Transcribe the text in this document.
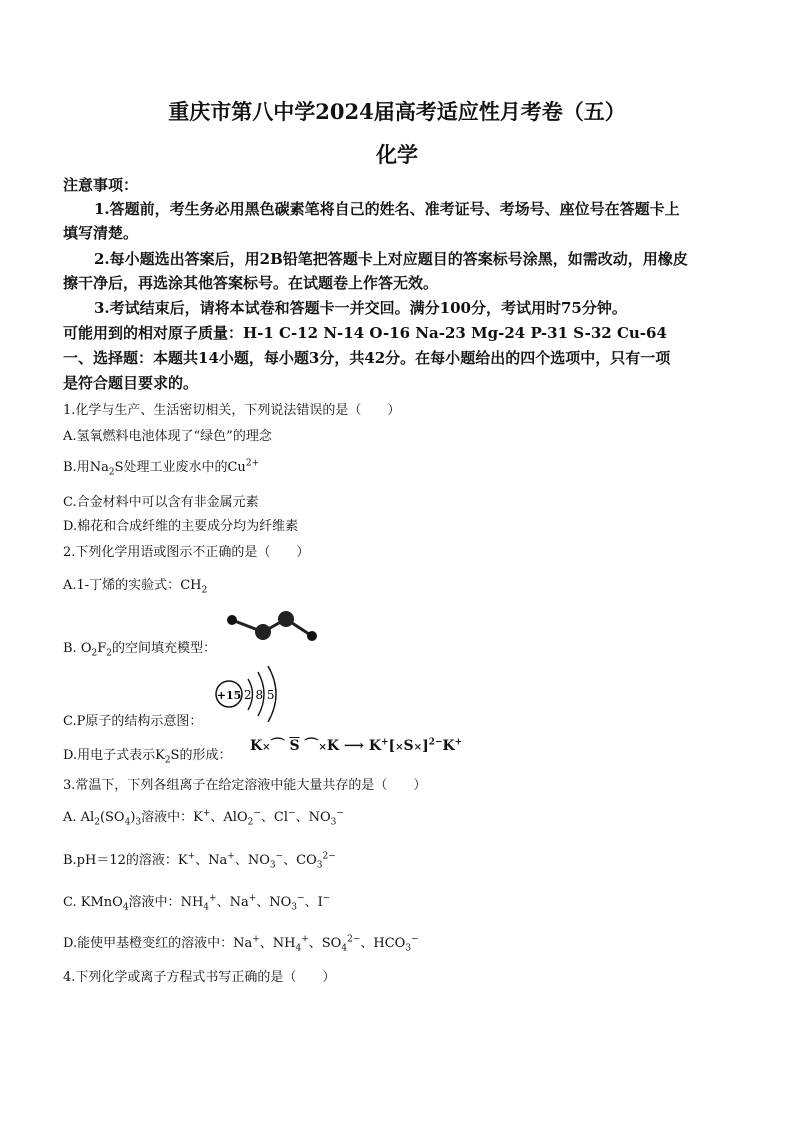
重庆市第八中学2024届高考适应性月考卷（五）
化学
注意事项：
1.答题前，考生务必用黑色碳素笔将自己的姓名、准考证号、考场号、座位号在答题卡上
填写清楚。
2.每小题选出答案后，用2B铅笔把答题卡上对应题目的答案标号涂黑，如需改动，用橡皮
擦干净后，再选涂其他答案标号。在试题卷上作答无效。
3.考试结束后，请将本试卷和答题卡一并交回。满分100分，考试用时75分钟。
可能用到的相对原子质量：H-1 C-12 N-14 O-16 Na-23 Mg-24 P-31 S-32 Cu-64
一、选择题：本题共14小题，每小题3分，共42分。在每小题给出的四个选项中，只有一项
是符合题目要求的。
1.化学与生产、生活密切相关，下列说法错误的是（　　）
A.氢氧燃料电池体现了“绿色”的理念
B.用$Na_2S$处理工业废水中的$Cu^{2+}$
C.合金材料中可以含有非金属元素
D.棉花和合成纤维的主要成分均为纤维素
2.下列化学用语或图示不正确的是（　　）
A.1-丁烯的实验式：$CH_2$
B. $O_2F_2$的空间填充模型：
C.P原子的结构示意图：
+15 2 8 5
D.用电子式表示$K_2S$的形成：
K×⌒ $\overline{S}$ ⌒×K ⟶ $K^+[\times S\times]^{2-}K^+$
3.常温下，下列各组离子在给定溶液中能大量共存的是（　　）
A. $Al_2(SO_4)_3$溶液中：K+、AlO$_2$−、Cl−、$NO_3^-$
B.pH＝12的溶液：K+、Na+、$NO_3^-$、$CO_3^{2-}$
C. KMnO$_4$溶液中：$NH_4^+$、Na+、$NO_3^-$、I−
D.能使甲基橙变红的溶液中：Na+、$NH_4^+$、$SO_4^{2-}$、$HCO_3^-$
4.下列化学或离子方程式书写正确的是（　　）
